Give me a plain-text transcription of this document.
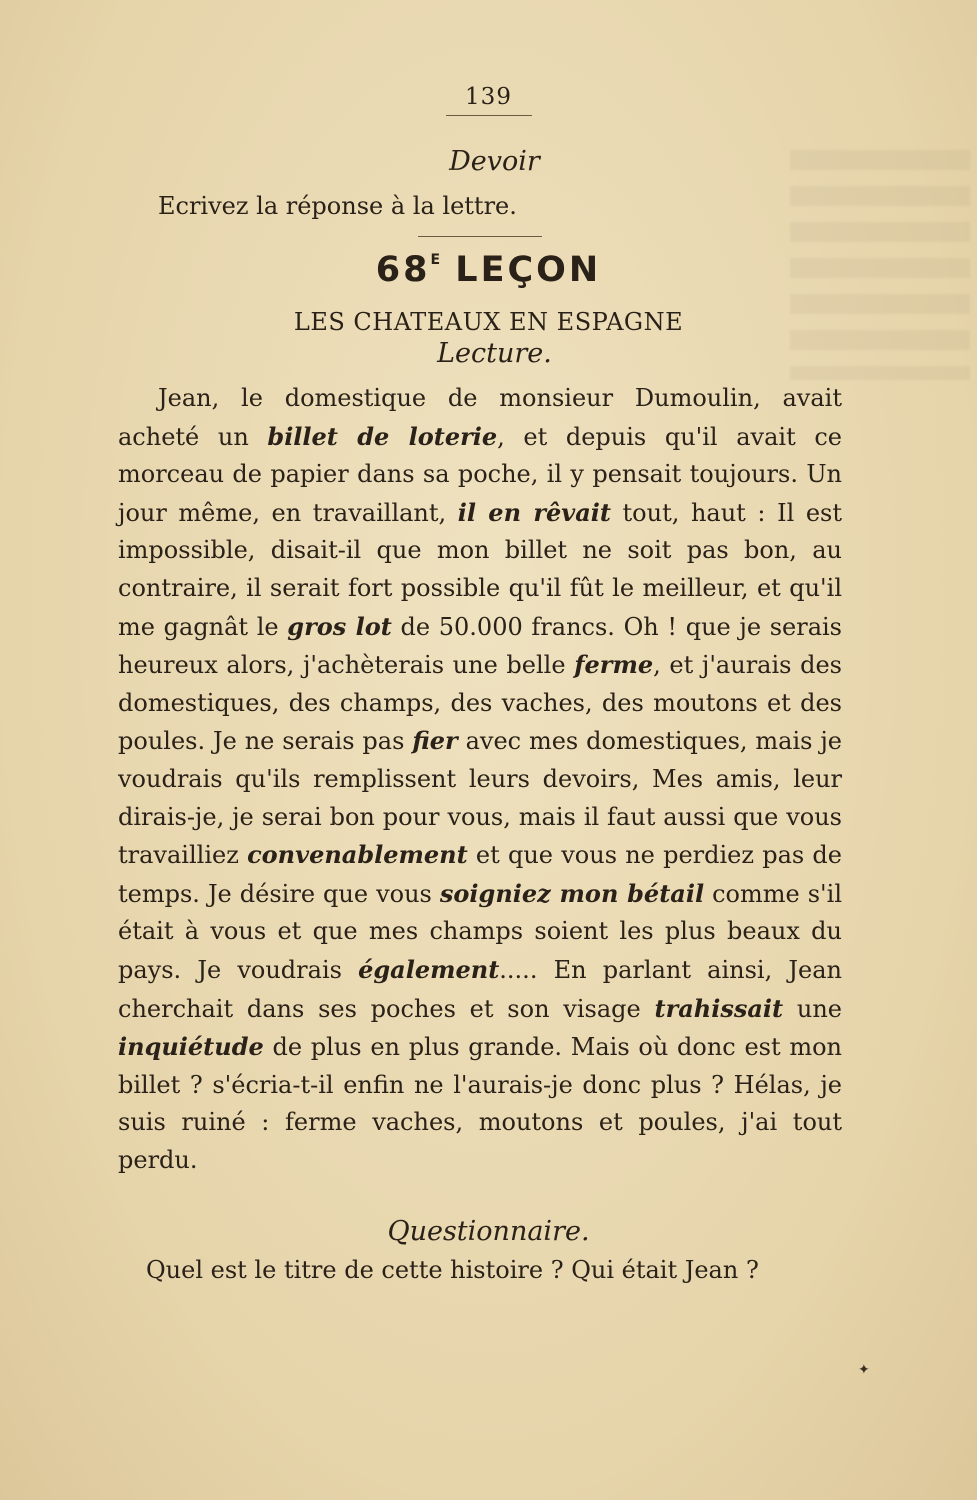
139
Devoir
Ecrivez la réponse à la lettre.
$68^E$ LEÇON
LES CHATEAUX EN ESPAGNE
Lecture.

Jean, le domestique de monsieur Dumoulin, avait acheté un billet de loterie, et depuis qu'il avait ce morceau de papier dans sa poche, il y pensait toujours. Un jour même, en travaillant, il en rêvait tout, haut : Il est impossible, disait-il que mon billet ne soit pas bon, au contraire, il serait fort possible qu'il fût le meilleur, et qu'il me gagnât le gros lot de 50.000 francs. Oh ! que je serais heureux alors, j'achèterais une belle ferme, et j'aurais des domestiques, des champs, des vaches, des moutons et des poules. Je ne serais pas fier avec mes domestiques, mais je voudrais qu'ils remplissent leurs devoirs, Mes amis, leur dirais-je, je serai bon pour vous, mais il faut aussi que vous travailliez convenablement et que vous ne perdiez pas de temps. Je désire que vous soigniez mon bétail comme s'il était à vous et que mes champs soient les plus beaux du pays. Je voudrais également..... En parlant ainsi, Jean cherchait dans ses poches et son visage trahissait une inquiétude de plus en plus grande. Mais où donc est mon billet ? s'écria-t-il enfin ne l'aurais-je donc plus ? Hélas, je suis ruiné : ferme vaches, moutons et poules, j'ai tout perdu.

Questionnaire.
Quel est le titre de cette histoire ? Qui était Jean ?
✦
